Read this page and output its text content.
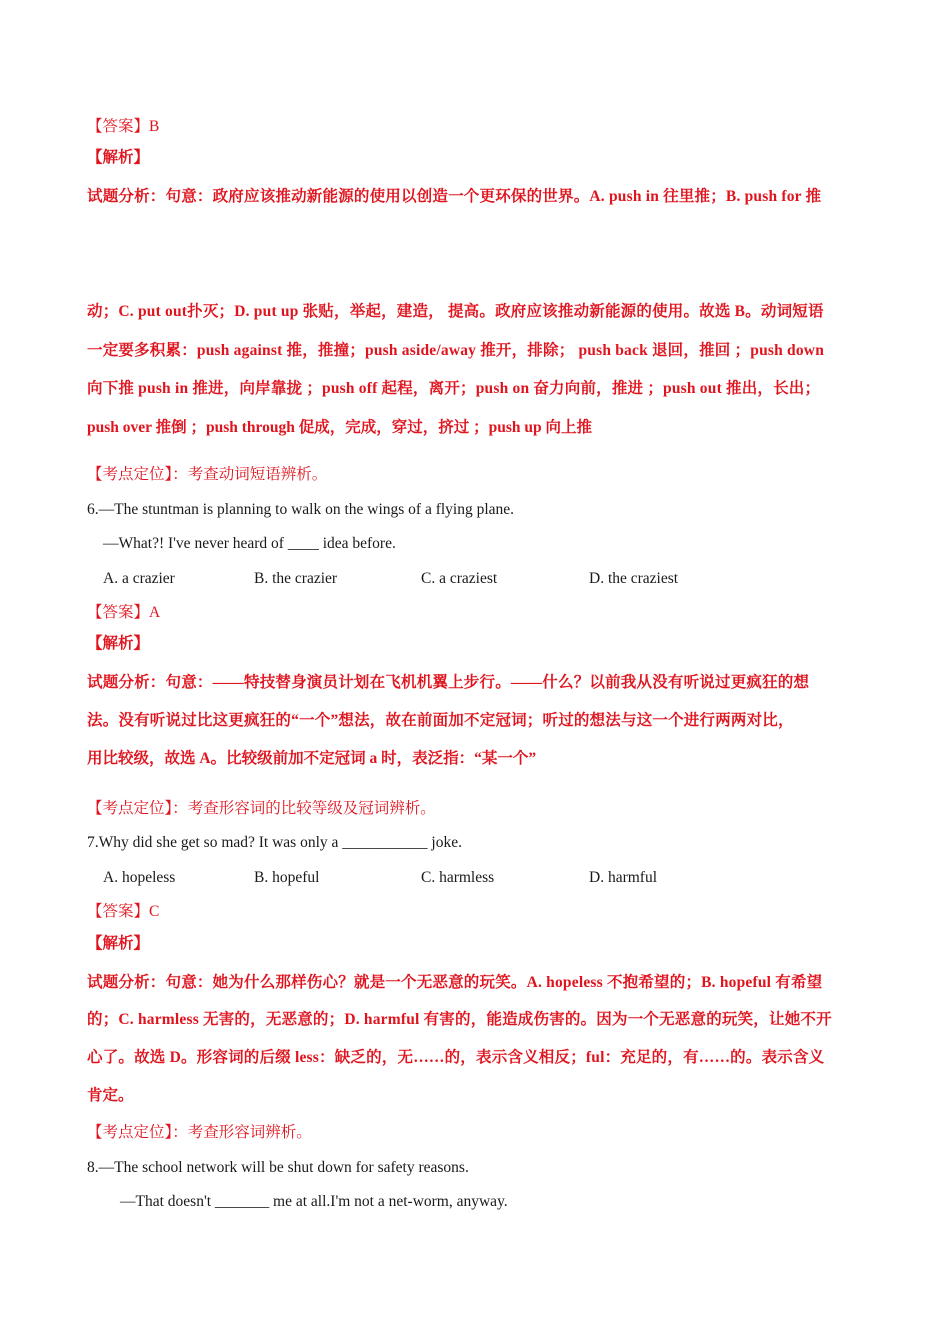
【答案】B
【解析】
试题分析：句意：政府应该推动新能源的使用以创造一个更环保的世界。A. push in 往里推；B. push for 推
动；C. put out扑灭；D. put up 张贴，举起，建造， 提高。政府应该推动新能源的使用。故选 B。动词短语
一定要多积累：push against 推，推撞；push aside/away 推开，排除； push back 退回，推回 ；push down
向下推 push in 推进，向岸靠拢 ；push off 起程，离开；push on 奋力向前，推进 ；push out 推出，长出；
push over 推倒 ；push through 促成，完成，穿过，挤过 ；push up 向上推
【考点定位】：考查动词短语辨析。
6.—The stuntman is planning to walk on the wings of a flying plane.
—What?! I've never heard of ____ idea before.
A. a crazier	B. the crazier	C. a craziest	D. the craziest
【答案】A
【解析】
试题分析：句意：——特技替身演员计划在飞机机翼上步行。——什么？以前我从没有听说过更疯狂的想
法。没有听说过比这更疯狂的“一个”想法，故在前面加不定冠词；听过的想法与这一个进行两两对比，
用比较级，故选 A。比较级前加不定冠词 a 时，表泛指：“某一个”
【考点定位】：考查形容词的比较等级及冠词辨析。
7.Why did she get so mad? It was only a ___________ joke.
A. hopeless	B. hopeful	C. harmless	D. harmful
【答案】C
【解析】
试题分析：句意：她为什么那样伤心？就是一个无恶意的玩笑。A. hopeless 不抱希望的；B. hopeful 有希望
的；C. harmless 无害的，无恶意的；D. harmful 有害的，能造成伤害的。因为一个无恶意的玩笑，让她不开
心了。故选 D。形容词的后缀 less：缺乏的，无……的，表示含义相反；ful：充足的，有……的。表示含义
肯定。
【考点定位】：考查形容词辨析。
8.—The school network will be shut down for safety reasons.
—That doesn't _______ me at all.I'm not a net-worm, anyway.
